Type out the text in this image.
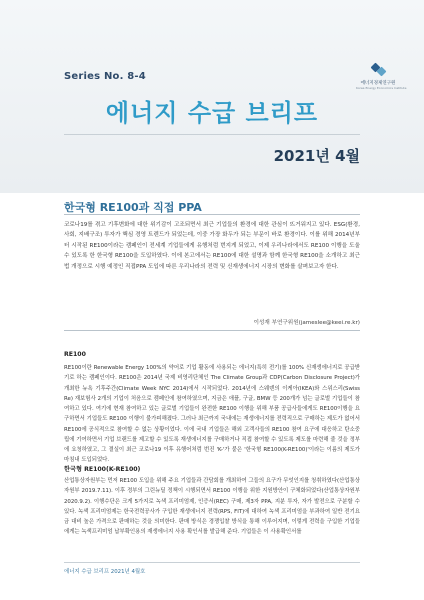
Series No. 8-4
에너지경제연구원
Korea Energy Economics Institute
에너지 수급 브리프
2021년 4월
한국형 RE100과 직접 PPA
코로나19를 겪고 기후변화에 대한 위기감이 고조되면서 최근 기업들의 환경에 대한 관심이 뜨거워지고 있다. ESG(환경, 사회, 지배구조) 투자가 핵심 경영 트렌드가 되었는데, 이중 가장 화두가 되는 부문이 바로 환경이다. 이를 위해 2014년부터 시작된 RE100이라는 캠페인이 전세계 기업들에게 유행처럼 번지게 되었고, 이제 우리나라에서도 RE100 이행을 도울 수 있도록 한 한국형 RE100을 도입하였다. 이에 본고에서는 RE100에 대한 설명과 함께 한국형 RE100을 소개하고 최근 법 개정으로 시행 예정인 직접PPA 도입에 따른 우리나라의 전력 및 신재생에너지 시장의 변화를 살펴보고자 한다.
이성재 부연구위원(jameslee@keei.re.kr)
RE100
RE100이란 Renewable Energy 100%의 약어로 기업 활동에 사용되는 에너지(특히 전기)를 100% 신재생에너지로 공급받기로 하는 캠페인이다. RE100은 2014년 국제 비영리단체인 The Climate Group과 CDP(Carbon Disclosure Project)가 개최한 뉴욕 기후주간(Climate Week NYC 2014)에서 시작되었다. 2014년에 스웨덴의 이케아(IKEA)와 스위스리(Swiss Re) 재보험사 2개의 기업이 처음으로 캠페인에 참여하였으며, 지금은 애플, 구글, BMW 등 200개가 넘는 글로벌 기업들이 참여하고 있다. 여기에 현재 참여하고 있는 글로벌 기업들이 완전한 RE100 이행을 위해 부품 공급사들에게도 RE100이행을 요구하면서 기업들도 RE100 이행이 불가피해졌다. 그러나 최근까지 국내에는 재생에너지를 전력직으로 구매하는 제도가 없어서 RE100에 공식적으로 참여할 수 없는 상황이었다. 이에 국내 기업들은 해외 고객사들의 RE100 참여 요구에 대응하고 탄소중립에 기여하면서 기업 브랜드를 제고할 수 있도록 재생에너지를 구매하거나 직접 참여할 수 있도록 제도를 마련해 줄 것을 정부에 요청하였고, 그 결실이 최근 코로나19 이후 유행어처럼 번진 'K-'가 붙은 '한국형 RE100(K-RE100)'이라는 이름의 제도가 마침내 도입되었다.
한국형 RE100(K-RE100)
산업통상자원부는 먼저 RE100 도입을 위해 주요 기업들과 간담회를 개최하여 그들의 요구가 무엇인지를 청취하였다(산업통상자원부 2019.7.11). 이후 정부의 그린뉴딜 정책이 시행되면서 RE100 이행을 위한 지원방안이 구체화되었다(산업통상자원부 2020.9.2). 이행수단은 크게 5가지로 녹색 프리미엄제, 인증서(REC) 구매, 제3자 PPA, 지분 투자, 자가 발전으로 구분할 수 있다. 녹색 프리미엄제는 한국전력공사가 구입한 재생에너지 전력(RPS, FIT)에 대하여 녹색 프리미엄을 부과하여 일반 전기요금 대비 높은 가격으로 판매하는 것을 의미한다. 판매 방식은 경쟁입찰 방식을 통해 이루어지며, 이렇게 전력을 구입한 기업들에게는 녹색프리미엄 납부확인용의 재생에너지 사용 확인서를 발급해 준다. 기업들은 이 사용확인서를
에너지 수급 브리프 2021년 4월호
